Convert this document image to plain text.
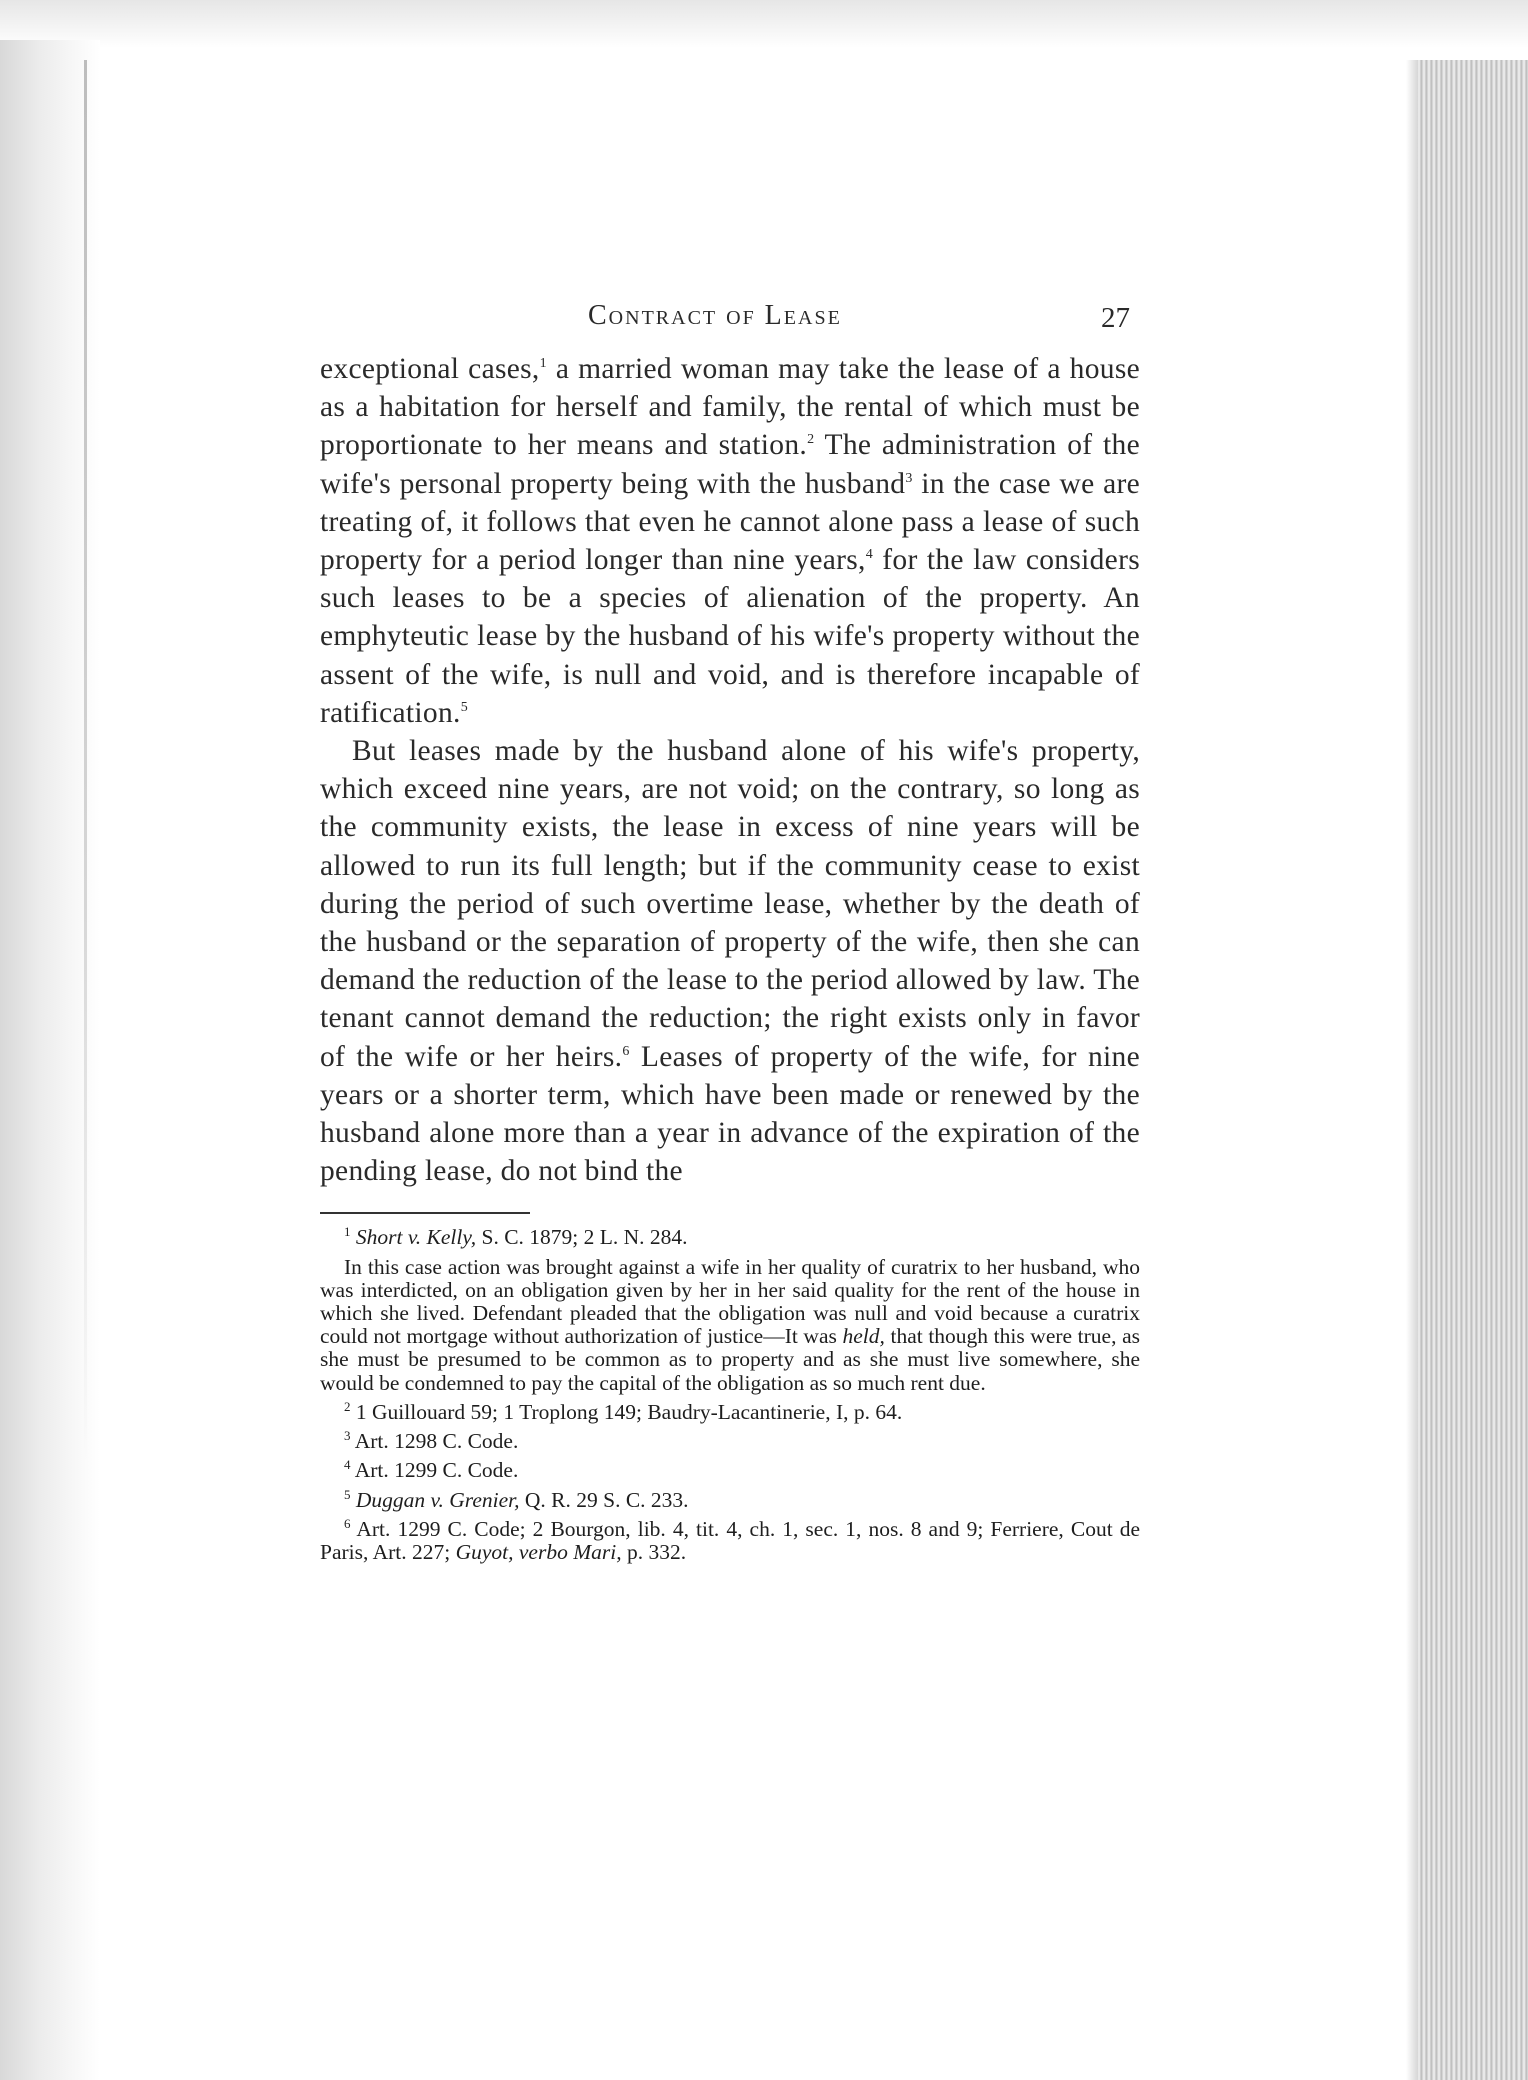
Contract of Lease	27

exceptional cases,$^1$ a married woman may take the lease of a house as a habitation for herself and family, the rental of which must be proportionate to her means and station.$^2$ The administration of the wife's personal property being with the husband$^3$ in the case we are treating of, it follows that even he cannot alone pass a lease of such property for a period longer than nine years,$^4$ for the law considers such leases to be a species of alienation of the property. An emphyteutic lease by the husband of his wife's property without the assent of the wife, is null and void, and is therefore incapable of ratification.$^5$

But leases made by the husband alone of his wife's property, which exceed nine years, are not void; on the contrary, so long as the community exists, the lease in excess of nine years will be allowed to run its full length; but if the community cease to exist during the period of such overtime lease, whether by the death of the husband or the separation of property of the wife, then she can demand the reduction of the lease to the period allowed by law. The tenant cannot demand the reduction; the right exists only in favor of the wife or her heirs.$^6$ Leases of property of the wife, for nine years or a shorter term, which have been made or renewed by the husband alone more than a year in advance of the expiration of the pending lease, do not bind the

$^1$ Short v. Kelly, S. C. 1879; 2 L. N. 284.

In this case action was brought against a wife in her quality of curatrix to her husband, who was interdicted, on an obligation given by her in her said quality for the rent of the house in which she lived. Defendant pleaded that the obligation was null and void because a curatrix could not mortgage without authorization of justice—It was held, that though this were true, as she must be presumed to be common as to property and as she must live somewhere, she would be condemned to pay the capital of the obligation as so much rent due.

$^2$ 1 Guillouard 59; 1 Troplong 149; Baudry-Lacantinerie, I, p. 64.

$^3$ Art. 1298 C. Code.

$^4$ Art. 1299 C. Code.

$^5$ Duggan v. Grenier, Q. R. 29 S. C. 233.

$^6$ Art. 1299 C. Code; 2 Bourgon, lib. 4, tit. 4, ch. 1, sec. 1, nos. 8 and 9; Ferriere, Cout de Paris, Art. 227; Guyot, verbo Mari, p. 332.
